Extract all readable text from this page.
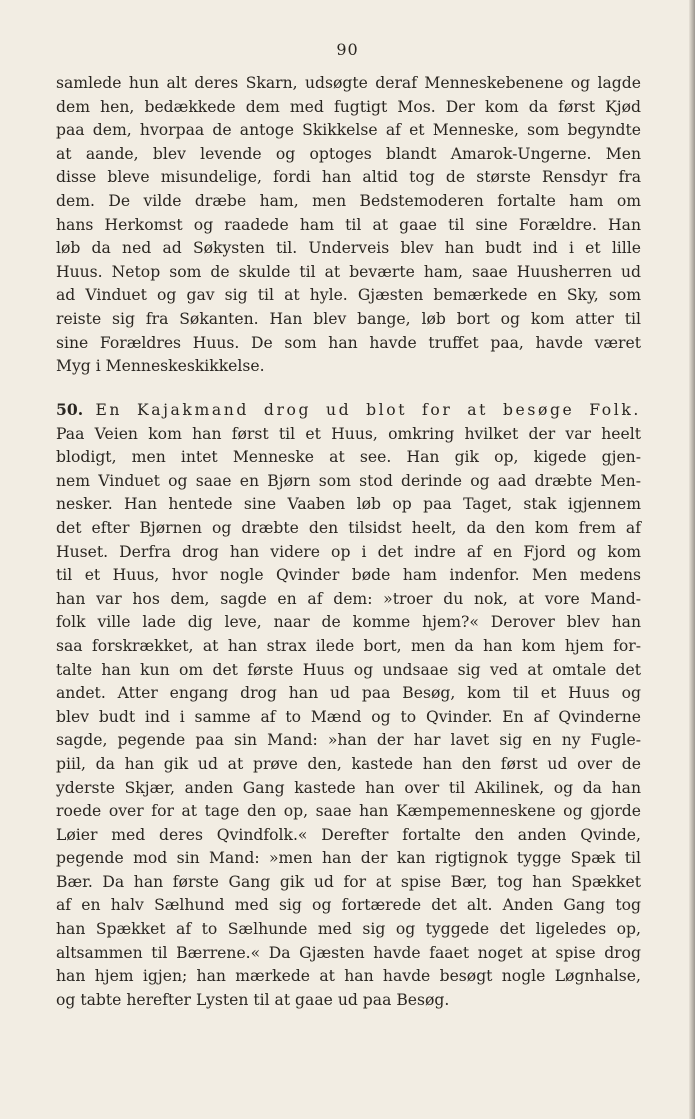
90
samlede hun alt deres Skarn, udsøgte deraf Menneskebenene og lagde
dem hen, bedækkede dem med fugtigt Mos. Der kom da først Kjød
paa dem, hvorpaa de antoge Skikkelse af et Menneske, som begyndte
at aande, blev levende og optoges blandt Amarok-Ungerne. Men
disse bleve misundelige, fordi han altid tog de største Rensdyr fra
dem. De vilde dræbe ham, men Bedstemoderen fortalte ham om
hans Herkomst og raadede ham til at gaae til sine Forældre. Han
løb da ned ad Søkysten til. Underveis blev han budt ind i et lille
Huus. Netop som de skulde til at beværte ham, saae Huusherren ud
ad Vinduet og gav sig til at hyle. Gjæsten bemærkede en Sky, som
reiste sig fra Søkanten. Han blev bange, løb bort og kom atter til
sine Forældres Huus. De som han havde truffet paa, havde været
Myg i Menneskeskikkelse.
50. En Kajakmand drog ud blot for at besøge Folk.
Paa Veien kom han først til et Huus, omkring hvilket der var heelt
blodigt, men intet Menneske at see. Han gik op, kigede gjen-
nem Vinduet og saae en Bjørn som stod derinde og aad dræbte Men-
nesker. Han hentede sine Vaaben løb op paa Taget, stak igjennem
det efter Bjørnen og dræbte den tilsidst heelt, da den kom frem af
Huset. Derfra drog han videre op i det indre af en Fjord og kom
til et Huus, hvor nogle Qvinder bøde ham indenfor. Men medens
han var hos dem, sagde en af dem: »troer du nok, at vore Mand-
folk ville lade dig leve, naar de komme hjem?« Derover blev han
saa forskrækket, at han strax ilede bort, men da han kom hjem for-
talte han kun om det første Huus og undsaae sig ved at omtale det
andet. Atter engang drog han ud paa Besøg, kom til et Huus og
blev budt ind i samme af to Mænd og to Qvinder. En af Qvinderne
sagde, pegende paa sin Mand: »han der har lavet sig en ny Fugle-
piil, da han gik ud at prøve den, kastede han den først ud over de
yderste Skjær, anden Gang kastede han over til Akilinek, og da han
roede over for at tage den op, saae han Kæmpemenneskene og gjorde
Løier med deres Qvindfolk.« Derefter fortalte den anden Qvinde,
pegende mod sin Mand: »men han der kan rigtignok tygge Spæk til
Bær. Da han første Gang gik ud for at spise Bær, tog han Spækket
af en halv Sælhund med sig og fortærede det alt. Anden Gang tog
han Spækket af to Sælhunde med sig og tyggede det ligeledes op,
altsammen til Bærrene.« Da Gjæsten havde faaet noget at spise drog
han hjem igjen; han mærkede at han havde besøgt nogle Løgnhalse,
og tabte herefter Lysten til at gaae ud paa Besøg.
